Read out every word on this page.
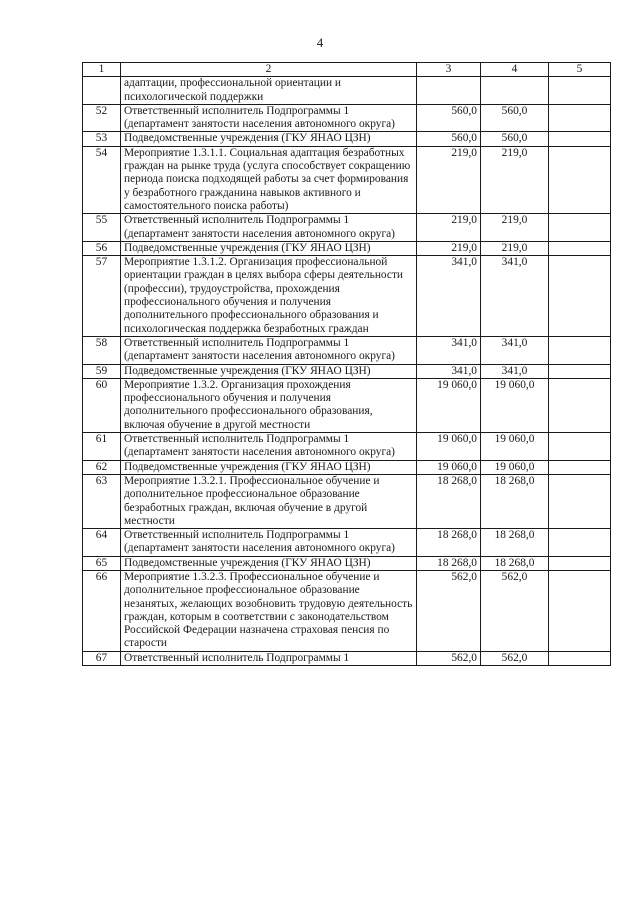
4
1	2	3	4	5
	адаптации, профессиональной ориентации и психологической поддержки			
52	Ответственный исполнитель Подпрограммы 1 (департамент занятости населения автономного округа)	560,0	560,0	
53	Подведомственные учреждения (ГКУ ЯНАО ЦЗН)	560,0	560,0	
54	Мероприятие 1.3.1.1. Социальная адаптация безработных граждан на рынке труда (услуга способствует сокращению периода поиска подходящей работы за счет формирования у безработного гражданина навыков активного и самостоятельного поиска работы)	219,0	219,0	
55	Ответственный исполнитель Подпрограммы 1 (департамент занятости населения автономного округа)	219,0	219,0	
56	Подведомственные учреждения (ГКУ ЯНАО ЦЗН)	219,0	219,0	
57	Мероприятие 1.3.1.2. Организация профессиональной ориентации граждан в целях выбора сферы деятельности (профессии), трудоустройства, прохождения профессионального обучения и получения дополнительного профессионального образования и психологическая поддержка безработных граждан	341,0	341,0	
58	Ответственный исполнитель Подпрограммы 1 (департамент занятости населения автономного округа)	341,0	341,0	
59	Подведомственные учреждения (ГКУ ЯНАО ЦЗН)	341,0	341,0	
60	Мероприятие 1.3.2. Организация прохождения профессионального обучения и получения дополнительного профессионального образования, включая обучение в другой местности	19 060,0	19 060,0	
61	Ответственный исполнитель Подпрограммы 1 (департамент занятости населения автономного округа)	19 060,0	19 060,0	
62	Подведомственные учреждения (ГКУ ЯНАО ЦЗН)	19 060,0	19 060,0	
63	Мероприятие 1.3.2.1. Профессиональное обучение и дополнительное профессиональное образование безработных граждан, включая обучение в другой местности	18 268,0	18 268,0	
64	Ответственный исполнитель Подпрограммы 1 (департамент занятости населения автономного округа)	18 268,0	18 268,0	
65	Подведомственные учреждения (ГКУ ЯНАО ЦЗН)	18 268,0	18 268,0	
66	Мероприятие 1.3.2.3. Профессиональное обучение и дополнительное профессиональное образование незанятых, желающих возобновить трудовую деятельность граждан, которым в соответствии с законодательством Российской Федерации назначена страховая пенсия по старости	562,0	562,0	
67	Ответственный исполнитель Подпрограммы 1	562,0	562,0	
